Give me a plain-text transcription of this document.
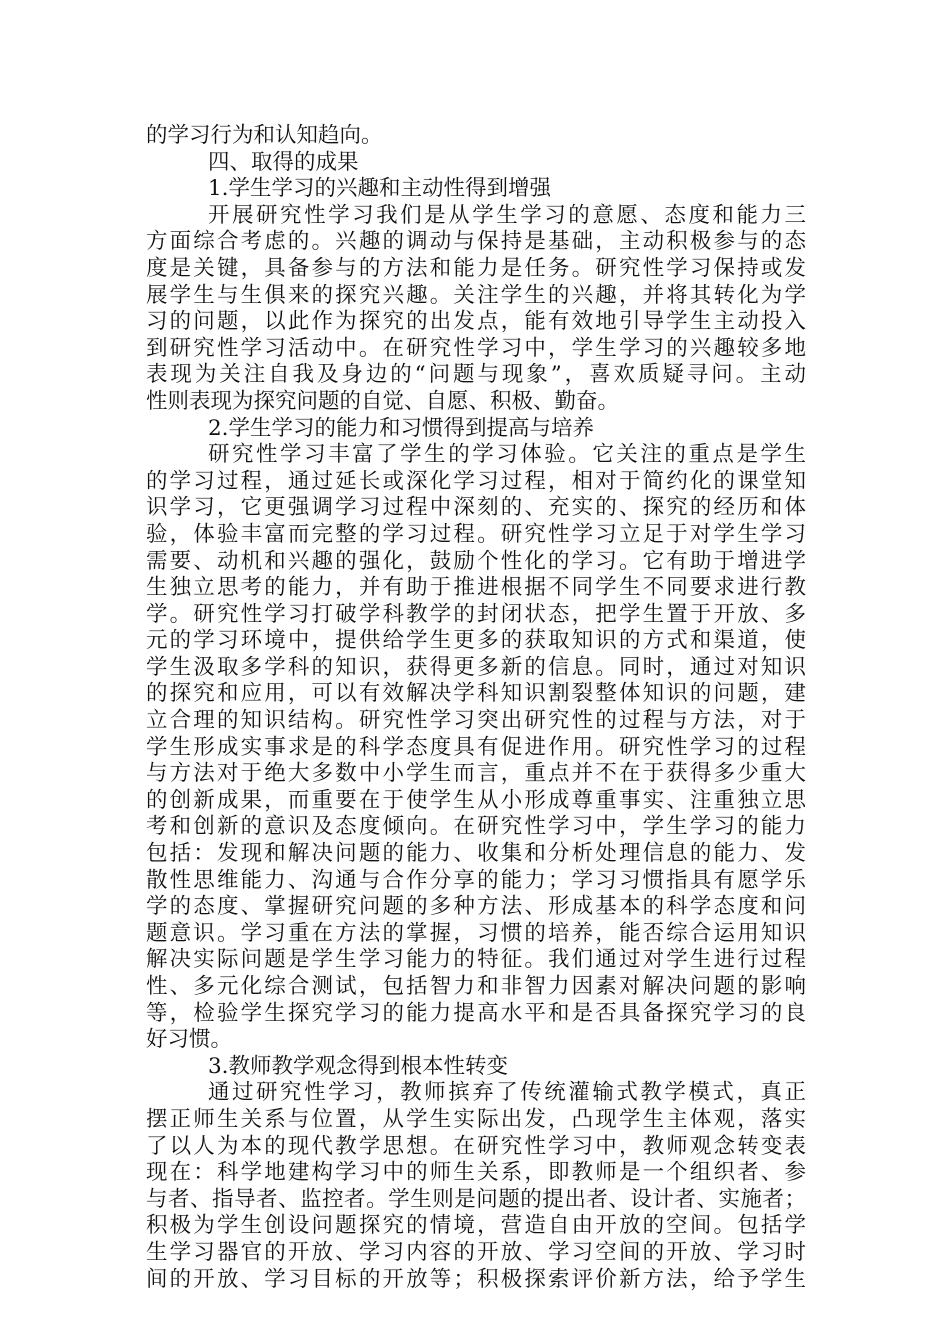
的学习行为和认知趋向。
四、取得的成果
1.学生学习的兴趣和主动性得到增强
开展研究性学习我们是从学生学习的意愿、态度和能力三
方面综合考虑的。兴趣的调动与保持是基础，主动积极参与的态
度是关键，具备参与的方法和能力是任务。研究性学习保持或发
展学生与生俱来的探究兴趣。关注学生的兴趣，并将其转化为学
习的问题，以此作为探究的出发点，能有效地引导学生主动投入
到研究性学习活动中。在研究性学习中，学生学习的兴趣较多地
表现为关注自我及身边的“问题与现象”，喜欢质疑寻问。主动
性则表现为探究问题的自觉、自愿、积极、勤奋。
2.学生学习的能力和习惯得到提高与培养
研究性学习丰富了学生的学习体验。它关注的重点是学生
的学习过程，通过延长或深化学习过程，相对于简约化的课堂知
识学习，它更强调学习过程中深刻的、充实的、探究的经历和体
验，体验丰富而完整的学习过程。研究性学习立足于对学生学习
需要、动机和兴趣的强化，鼓励个性化的学习。它有助于增进学
生独立思考的能力，并有助于推进根据不同学生不同要求进行教
学。研究性学习打破学科教学的封闭状态，把学生置于开放、多
元的学习环境中，提供给学生更多的获取知识的方式和渠道，使
学生汲取多学科的知识，获得更多新的信息。同时，通过对知识
的探究和应用，可以有效解决学科知识割裂整体知识的问题，建
立合理的知识结构。研究性学习突出研究性的过程与方法，对于
学生形成实事求是的科学态度具有促进作用。研究性学习的过程
与方法对于绝大多数中小学生而言，重点并不在于获得多少重大
的创新成果，而重要在于使学生从小形成尊重事实、注重独立思
考和创新的意识及态度倾向。在研究性学习中，学生学习的能力
包括：发现和解决问题的能力、收集和分析处理信息的能力、发
散性思维能力、沟通与合作分享的能力；学习习惯指具有愿学乐
学的态度、掌握研究问题的多种方法、形成基本的科学态度和问
题意识。学习重在方法的掌握，习惯的培养，能否综合运用知识
解决实际问题是学生学习能力的特征。我们通过对学生进行过程
性、多元化综合测试，包括智力和非智力因素对解决问题的影响
等，检验学生探究学习的能力提高水平和是否具备探究学习的良
好习惯。
3.教师教学观念得到根本性转变
通过研究性学习，教师摈弃了传统灌输式教学模式，真正
摆正师生关系与位置，从学生实际出发，凸现学生主体观，落实
了以人为本的现代教学思想。在研究性学习中，教师观念转变表
现在：科学地建构学习中的师生关系，即教师是一个组织者、参
与者、指导者、监控者。学生则是问题的提出者、设计者、实施者；
积极为学生创设问题探究的情境，营造自由开放的空间。包括学
生学习器官的开放、学习内容的开放、学习空间的开放、学习时
间的开放、学习目标的开放等；积极探索评价新方法，给予学生
